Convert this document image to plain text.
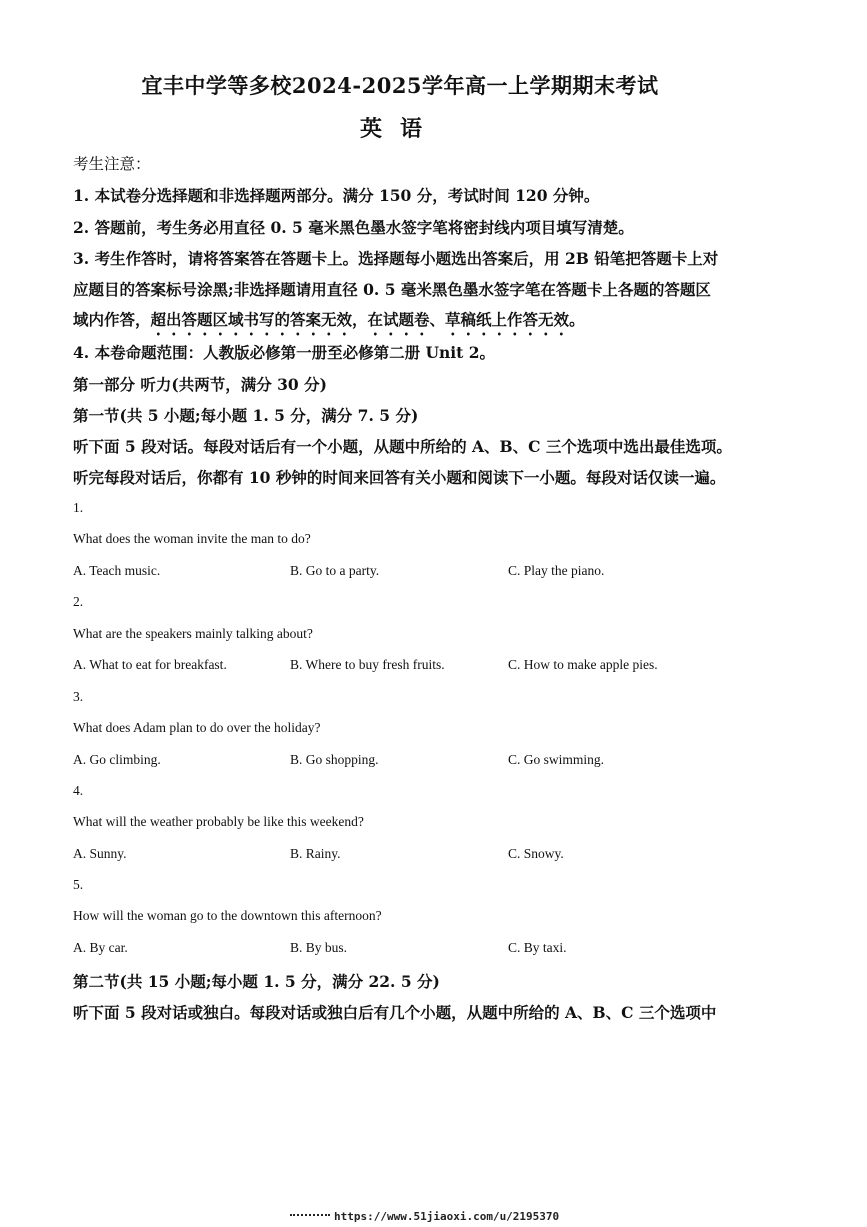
宜丰中学等多校2024-2025学年高一上学期期末考试
英语
考生注意：
1. 本试卷分选择题和非选择题两部分。满分 150 分，考试时间 120 分钟。
2. 答题前，考生务必用直径 0. 5 毫米黑色墨水签字笔将密封线内项目填写清楚。
3. 考生作答时，请将答案答在答题卡上。选择题每小题选出答案后，用 2B 铅笔把答题卡上对
应题目的答案标号涂黑;非选择题请用直径 0. 5 毫米黑色墨水签字笔在答题卡上各题的答题区
域内作答，超出答题区域书写的答案无效，在试题卷、草稿纸上作答无效。
4. 本卷命题范围：人教版必修第一册至必修第二册 Unit 2。
第一部分 听力(共两节，满分 30 分)
第一节(共 5 小题;每小题 1. 5 分，满分 7. 5 分)
听下面 5 段对话。每段对话后有一个小题，从题中所给的 A、B、C 三个选项中选出最佳选项。
听完每段对话后，你都有 10 秒钟的时间来回答有关小题和阅读下一小题。每段对话仅读一遍。
1.
What does the woman invite the man to do?
A. Teach music.	B. Go to a party.	C. Play the piano.
2.
What are the speakers mainly talking about?
A. What to eat for breakfast.	B. Where to buy fresh fruits.	C. How to make apple pies.
3.
What does Adam plan to do over the holiday?
A. Go climbing.	B. Go shopping.	C. Go swimming.
4.
What will the weather probably be like this weekend?
A. Sunny.	B. Rainy.	C. Snowy.
5.
How will the woman go to the downtown this afternoon?
A. By car.	B. By bus.	C. By taxi.
第二节(共 15 小题;每小题 1. 5 分，满分 22. 5 分)
听下面 5 段对话或独白。每段对话或独白后有几个小题，从题中所给的 A、B、C 三个选项中
https://www.51jiaoxi.com/u/2195370
